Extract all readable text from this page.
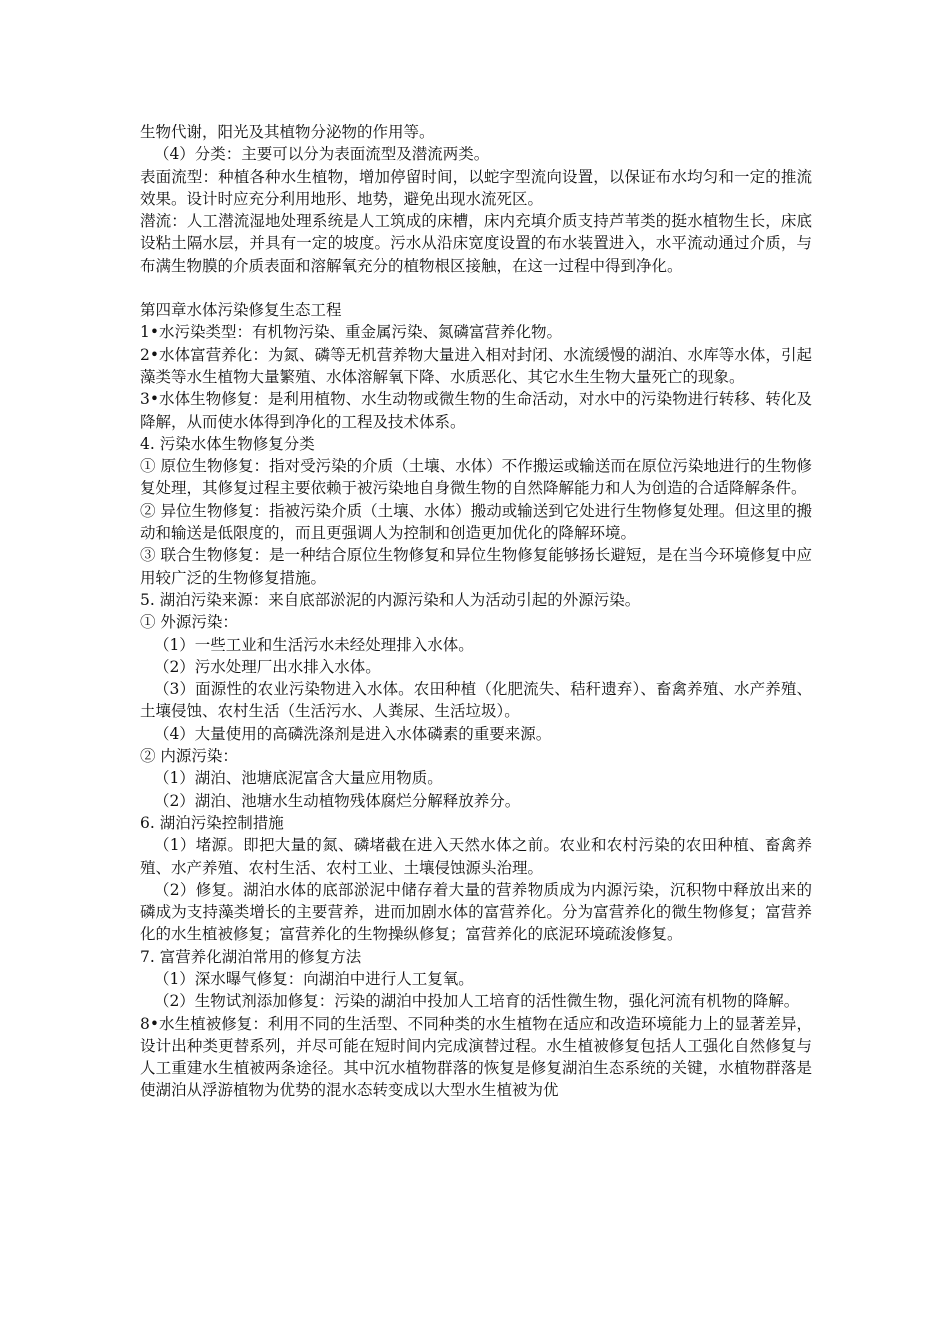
生物代谢，阳光及其植物分泌物的作用等。

（4）分类：主要可以分为表面流型及潜流两类。

表面流型：种植各种水生植物，增加停留时间，以蛇字型流向设置，以保证布水均匀和一定的推流效果。设计时应充分利用地形、地势，避免出现水流死区。

潜流：人工潜流湿地处理系统是人工筑成的床槽，床内充填介质支持芦苇类的挺水植物生长，床底设粘土隔水层，并具有一定的坡度。污水从沿床宽度设置的布水装置进入，水平流动通过介质，与布满生物膜的介质表面和溶解氧充分的植物根区接触，在这一过程中得到净化。

第四章水体污染修复生态工程

1•水污染类型：有机物污染、重金属污染、氮磷富营养化物。

2•水体富营养化：为氮、磷等无机营养物大量进入相对封闭、水流缓慢的湖泊、水库等水体，引起藻类等水生植物大量繁殖、水体溶解氧下降、水质恶化、其它水生生物大量死亡的现象。

3•水体生物修复：是利用植物、水生动物或微生物的生命活动，对水中的污染物进行转移、转化及降解，从而使水体得到净化的工程及技术体系。

4. 污染水体生物修复分类

① 原位生物修复：指对受污染的介质（土壤、水体）不作搬运或输送而在原位污染地进行的生物修复处理，其修复过程主要依赖于被污染地自身微生物的自然降解能力和人为创造的合适降解条件。

② 异位生物修复：指被污染介质（土壤、水体）搬动或输送到它处进行生物修复处理。但这里的搬动和输送是低限度的，而且更强调人为控制和创造更加优化的降解环境。

③ 联合生物修复：是一种结合原位生物修复和异位生物修复能够扬长避短，是在当今环境修复中应用较广泛的生物修复措施。

5. 湖泊污染来源：来自底部淤泥的内源污染和人为活动引起的外源污染。

① 外源污染：

（1）一些工业和生活污水未经处理排入水体。

（2）污水处理厂出水排入水体。

（3）面源性的农业污染物进入水体。农田种植（化肥流失、秸秆遗弃）、畜禽养殖、水产养殖、土壤侵蚀、农村生活（生活污水、人粪尿、生活垃圾）。

（4）大量使用的高磷洗涤剂是进入水体磷素的重要来源。

② 内源污染：

（1）湖泊、池塘底泥富含大量应用物质。

（2）湖泊、池塘水生动植物残体腐烂分解释放养分。

6. 湖泊污染控制措施

（1）堵源。即把大量的氮、磷堵截在进入天然水体之前。农业和农村污染的农田种植、畜禽养殖、水产养殖、农村生活、农村工业、土壤侵蚀源头治理。

（2）修复。湖泊水体的底部淤泥中储存着大量的营养物质成为内源污染，沉积物中释放出来的磷成为支持藻类增长的主要营养，进而加剧水体的富营养化。分为富营养化的微生物修复；富营养化的水生植被修复；富营养化的生物操纵修复；富营养化的底泥环境疏浚修复。

7. 富营养化湖泊常用的修复方法

（1）深水曝气修复：向湖泊中进行人工复氧。

（2）生物试剂添加修复：污染的湖泊中投加人工培育的活性微生物，强化河流有机物的降解。

8•水生植被修复：利用不同的生活型、不同种类的水生植物在适应和改造环境能力上的显著差异，设计出种类更替系列，并尽可能在短时间内完成演替过程。水生植被修复包括人工强化自然修复与人工重建水生植被两条途径。其中沉水植物群落的恢复是修复湖泊生态系统的关键，水植物群落是使湖泊从浮游植物为优势的混水态转变成以大型水生植被为优
